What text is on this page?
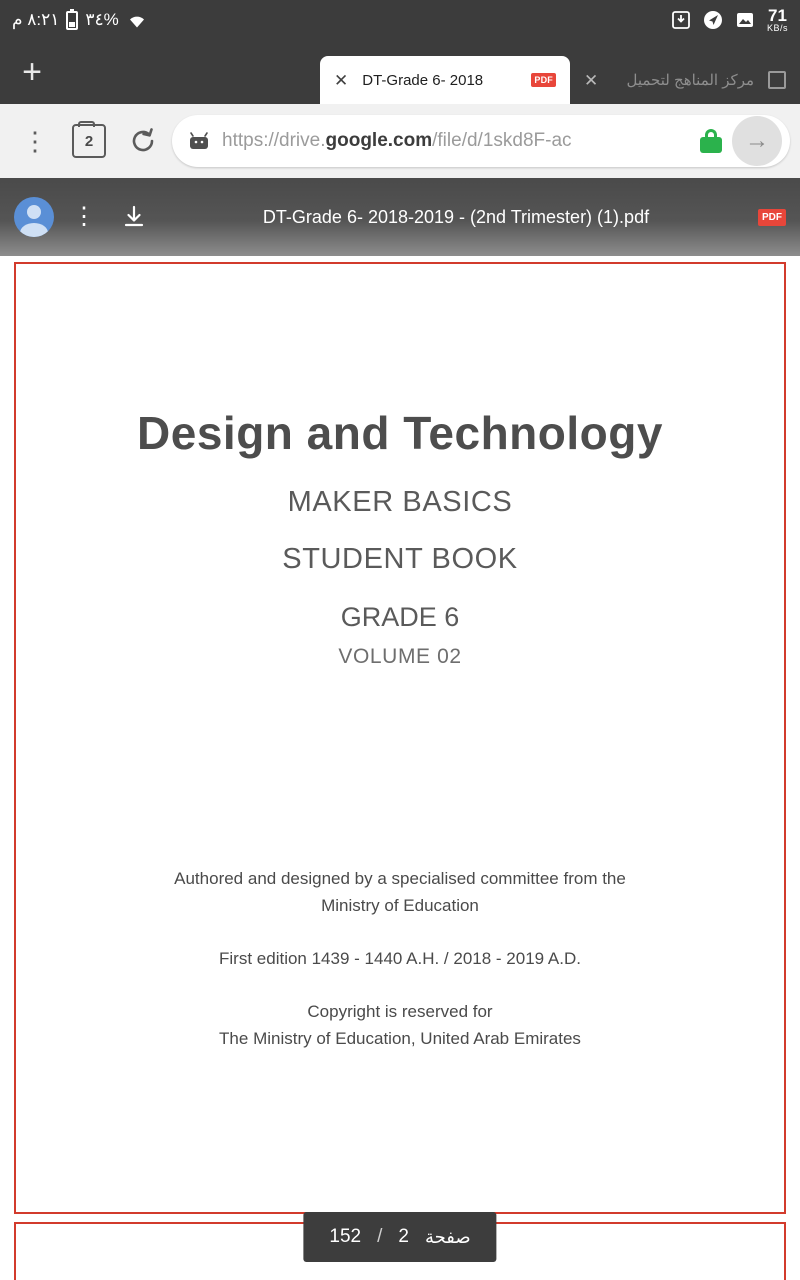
٨:٢١ م ٣٤%	71
KB/s
+	✕ DT-Grade 6- 2018	PDF ✕	مركز المناهج لتحميل
⋮	2	https://drive.google.com/file/d/1skd8F-ac	→
⋮	DT-Grade 6- 2018-2019 - (2nd Trimester) (1).pdf	PDF
Design and Technology
MAKER BASICS
STUDENT BOOK
GRADE 6
VOLUME 02
Authored and designed by a specialised committee from the
Ministry of Education
First edition 1439 - 1440 A.H. / 2018 - 2019 A.D.
Copyright is reserved for
The Ministry of Education, United Arab Emirates
152 / 2 صفحة
